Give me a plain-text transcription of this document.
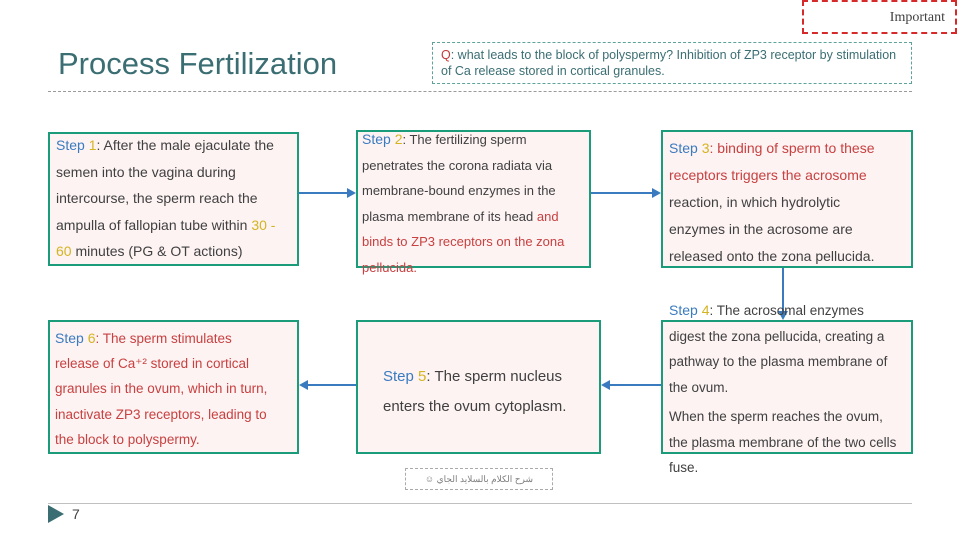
Important
Process Fertilization	Q: what leads to the block of polyspermy? Inhibition of ZP3 receptor by stimulation of Ca release stored in cortical granules.
Step 1: After the male ejaculate the
semen into the vagina during
intercourse, the sperm reach the
ampulla of fallopian tube within 30 -
60 minutes (PG & OT actions)
Step 2: The fertilizing sperm
penetrates the corona radiata via
membrane-bound enzymes in the
plasma membrane of its head and
binds to ZP3 receptors on the zona
pellucida.
Step 3: binding of sperm to these
receptors triggers the acrosome
reaction, in which hydrolytic
enzymes in the acrosome are
released onto the zona pellucida.
Step 4: The acrosomal enzymes
digest the zona pellucida, creating a
pathway to the plasma membrane of
the ovum.
When the sperm reaches the ovum,
the plasma membrane of the two cells
fuse.
Step 5: The sperm nucleus
enters the ovum cytoplasm.
Step 6: The sperm stimulates
release of Ca⁺² stored in cortical
granules in the ovum, which in turn,
inactivate ZP3 receptors, leading to
the block to polyspermy.
☺ شرح الكلام بالسلايد الجاي
7
